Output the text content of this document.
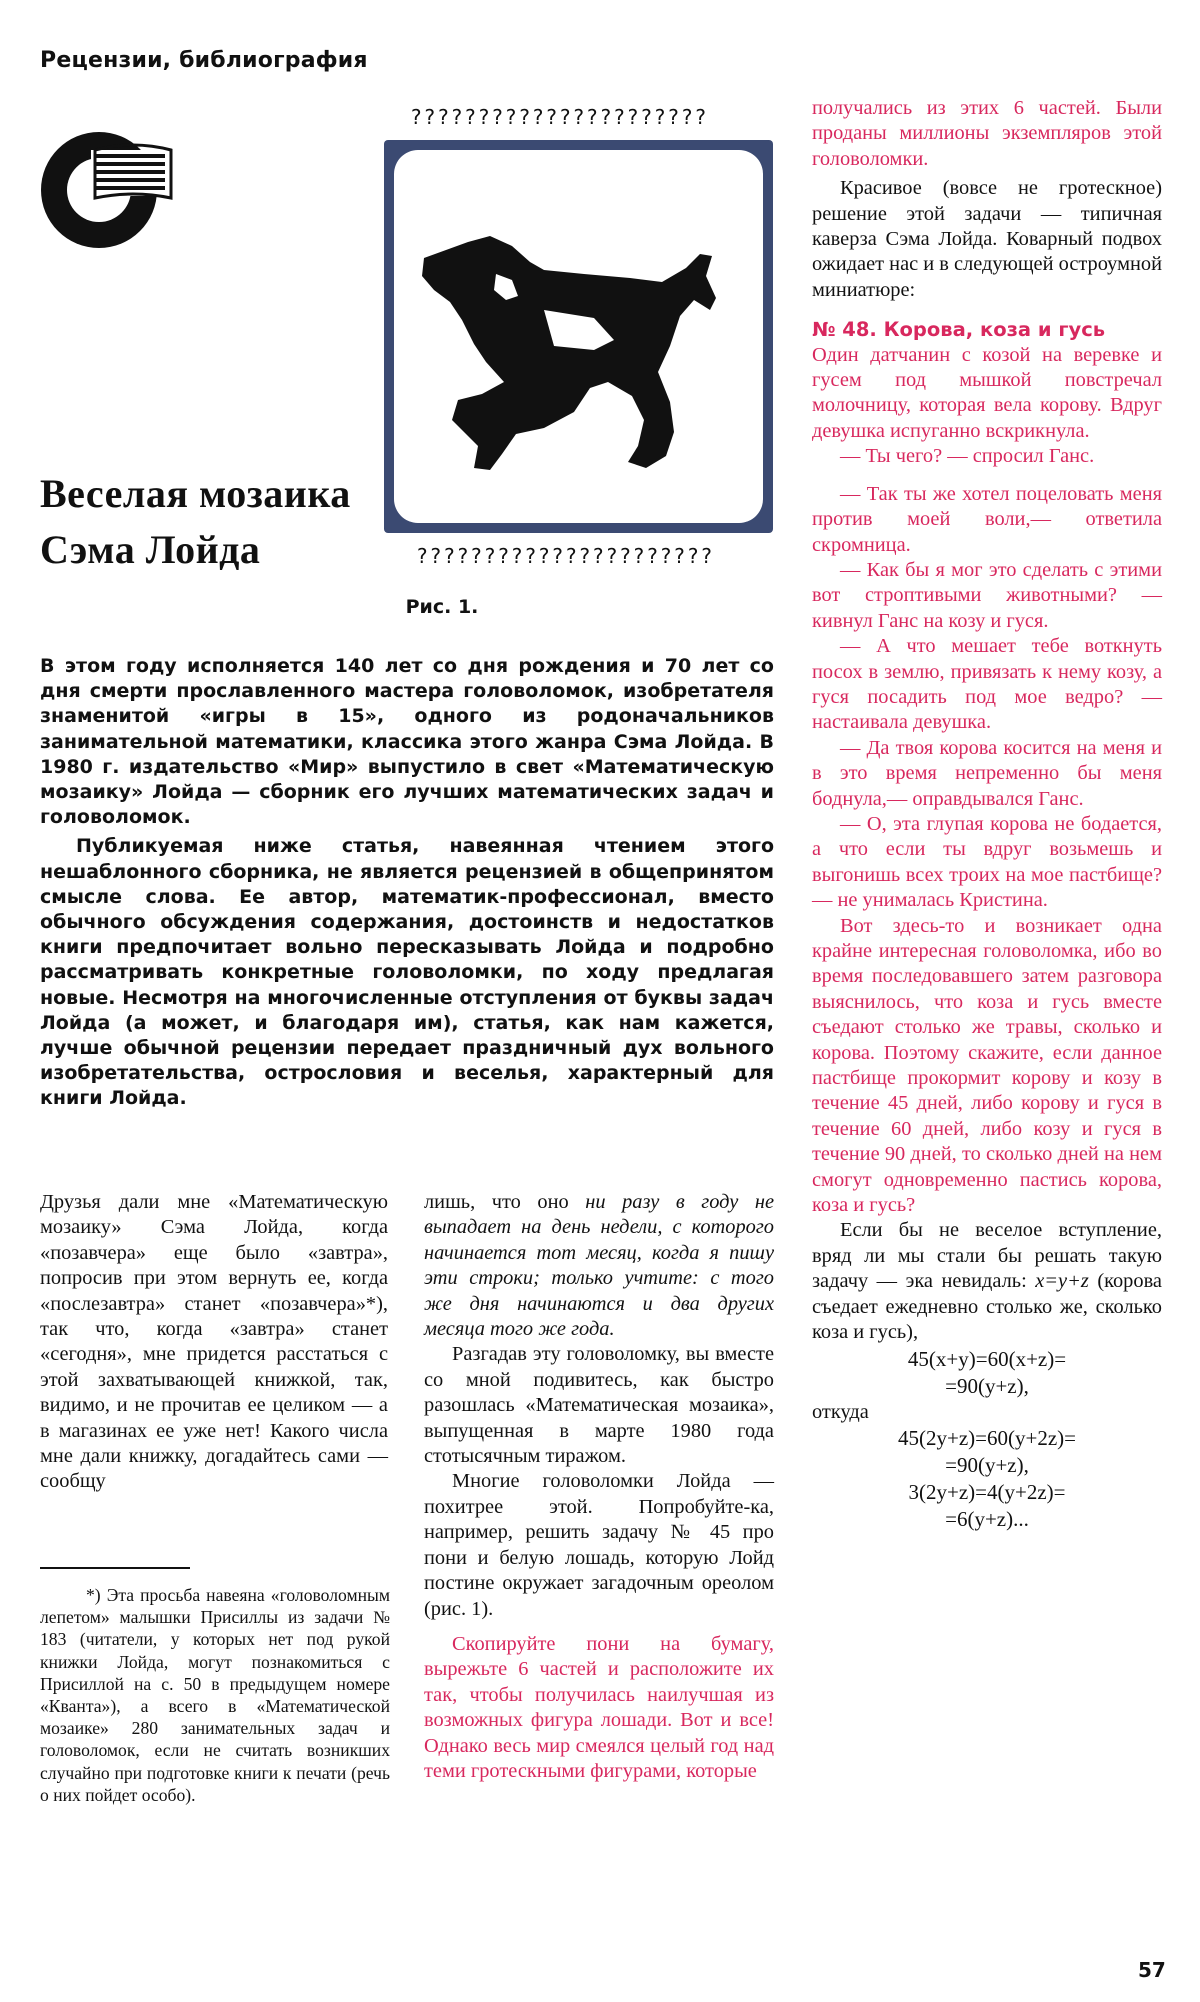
Рецензии, библиография
??????????????????????
??????????????????????
Рис. 1.
Веселая мозаика
Сэма Лойда

В этом году исполняется 140 лет со дня рождения и 70 лет со дня смерти прославленного мастера головоломок, изобретателя знаменитой «игры в 15», одного из родоначальников занимательной математики, классика этого жанра Сэма Лойда. В 1980 г. издательство «Мир» выпустило в свет «Математическую мозаику» Лойда — сборник его лучших математических задач и головоломок.

Публикуемая ниже статья, навеянная чтением этого нешаблонного сборника, не является рецензией в общепринятом смысле слова. Ее автор, математик-профессионал, вместо обычного обсуждения содержания, достоинств и недостатков книги предпочитает вольно пересказывать Лойда и подробно рассматривать конкретные головоломки, по ходу предлагая новые. Несмотря на многочисленные отступления от буквы задач Лойда (а может, и благодаря им), статья, как нам кажется, лучше обычной рецензии передает праздничный дух вольного изобретательства, острословия и веселья, характерный для книги Лойда.

Друзья дали мне «Математическую мозаику» Сэма Лойда, когда «позавчера» еще было «завтра», попросив при этом вернуть ее, когда «послезавтра» станет «позавчера»*), так что, когда «завтра» станет «сегодня», мне придется расстаться с этой захватывающей книжкой, так, видимо, и не прочитав ее целиком — а в магазинах ее уже нет! Какого числа мне дали книжку, догадайтесь сами — сообщу

*) Эта просьба навеяна «головоломным лепетом» малышки Присиллы из задачи № 183 (читатели, у которых нет под рукой книжки Лойда, могут познакомиться с Присиллой на с. 50 в предыдущем номере «Кванта»), а всего в «Математической мозаике» 280 занимательных задач и головоломок, если не считать возникших случайно при подготовке книги к печати (речь о них пойдет особо).

лишь, что оно ни разу в году не выпадает на день недели, с которого начинается тот месяц, когда я пишу эти строки; только учтите: с того же дня начинаются и два других месяца того же года.

Разгадав эту головоломку, вы вместе со мной подивитесь, как быстро разошлась «Математическая мозаика», выпущенная в марте 1980 года стотысячным тиражом.

Многие головоломки Лойда — похитрее этой. Попробуйте-ка, например, решить задачу № 45 про пони и белую лошадь, которую Лойд постине окружает загадочным ореолом (рис. 1).

Скопируйте пони на бумагу, вырежьте 6 частей и расположите их так, чтобы получилась наилучшая из возможных фигура лошади. Вот и все! Однако весь мир смеялся целый год над теми гротескными фигурами, которые

получались из этих 6 частей. Были проданы миллионы экземпляров этой головоломки.

Красивое (вовсе не гротескное) решение этой задачи — типичная каверза Сэма Лойда. Коварный подвох ожидает нас и в следующей остроумной миниатюре:

№ 48. Корова, коза и гусь

Один датчанин с козой на веревке и гусем под мышкой повстречал молочницу, которая вела корову. Вдруг девушка испуганно вскрикнула.

— Ты чего? — спросил Ганс.

— Так ты же хотел поцеловать меня против моей воли,— ответила скромница.

— Как бы я мог это сделать с этими вот строптивыми животными? — кивнул Ганс на козу и гуся.

— А что мешает тебе воткнуть посох в землю, привязать к нему козу, а гуся посадить под мое ведро? — настаивала девушка.

— Да твоя корова косится на меня и в это время непременно бы меня боднула,— оправдывался Ганс.

— О, эта глупая корова не бодается, а что если ты вдруг возьмешь и выгонишь всех троих на мое пастбище? — не унималась Кристина.

Вот здесь-то и возникает одна крайне интересная головоломка, ибо во время последовавшего затем разговора выяснилось, что коза и гусь вместе съедают столько же травы, сколько и корова. Поэтому скажите, если данное пастбище прокормит корову и козу в течение 45 дней, либо корову и гуся в течение 60 дней, либо козу и гуся в течение 90 дней, то сколько дней на нем смогут одновременно пастись корова, коза и гусь?

Если бы не веселое вступление, вряд ли мы стали бы решать такую задачу — эка невидаль: x=y+z (корова съедает ежедневно столько же, сколько коза и гусь),

45(x+y)=60(x+z)=
=90(y+z),

откуда

45(2y+z)=60(y+2z)=
=90(y+z),
3(2y+z)=4(y+2z)=
=6(y+z)...
57
